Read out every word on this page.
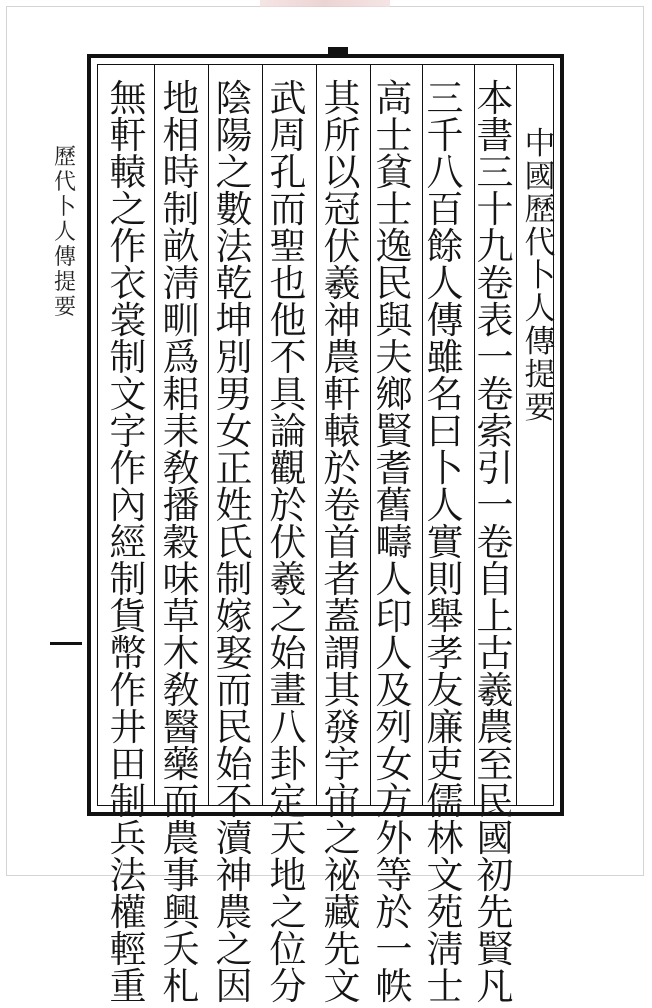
中
國
歷
代
卜
人
傳
提
要
本
書
三
十
九
卷
表
一
卷
索
引
一
卷
自
上
古
羲
農
至
民
國
初
先
賢
凡
三
千
八
百
餘
人
傳
雖
名
曰
卜
人
實
則
舉
孝
友
廉
吏
儒
林
文
苑
淸
士
高
士
貧
士
逸
民
與
夫
鄉
賢
耆
舊
疇
人
印
人
及
列
女
方
外
等
於
一
帙
其
所
以
冠
伏
羲
神
農
軒
轅
於
卷
首
者
蓋
謂
其
發
宇
宙
之
祕
藏
先
文
武
周
孔
而
聖
也
他
不
具
論
觀
於
伏
羲
之
始
畫
八
卦
定
天
地
之
位
分
陰
陽
之
數
法
乾
坤
別
男
女
正
姓
氏
制
嫁
娶
而
民
始
不
瀆
神
農
之
因
地
相
時
制
畝
淸
甽
爲
耜
耒
敎
播
穀
味
草
木
敎
醫
藥
而
農
事
興
夭
札
無
軒
轅
之
作
衣
裳
制
文
字
作
內
經
制
貨
幣
作
井
田
制
兵
法
權
輕
重
歷
代
卜
人
傳
提
要
